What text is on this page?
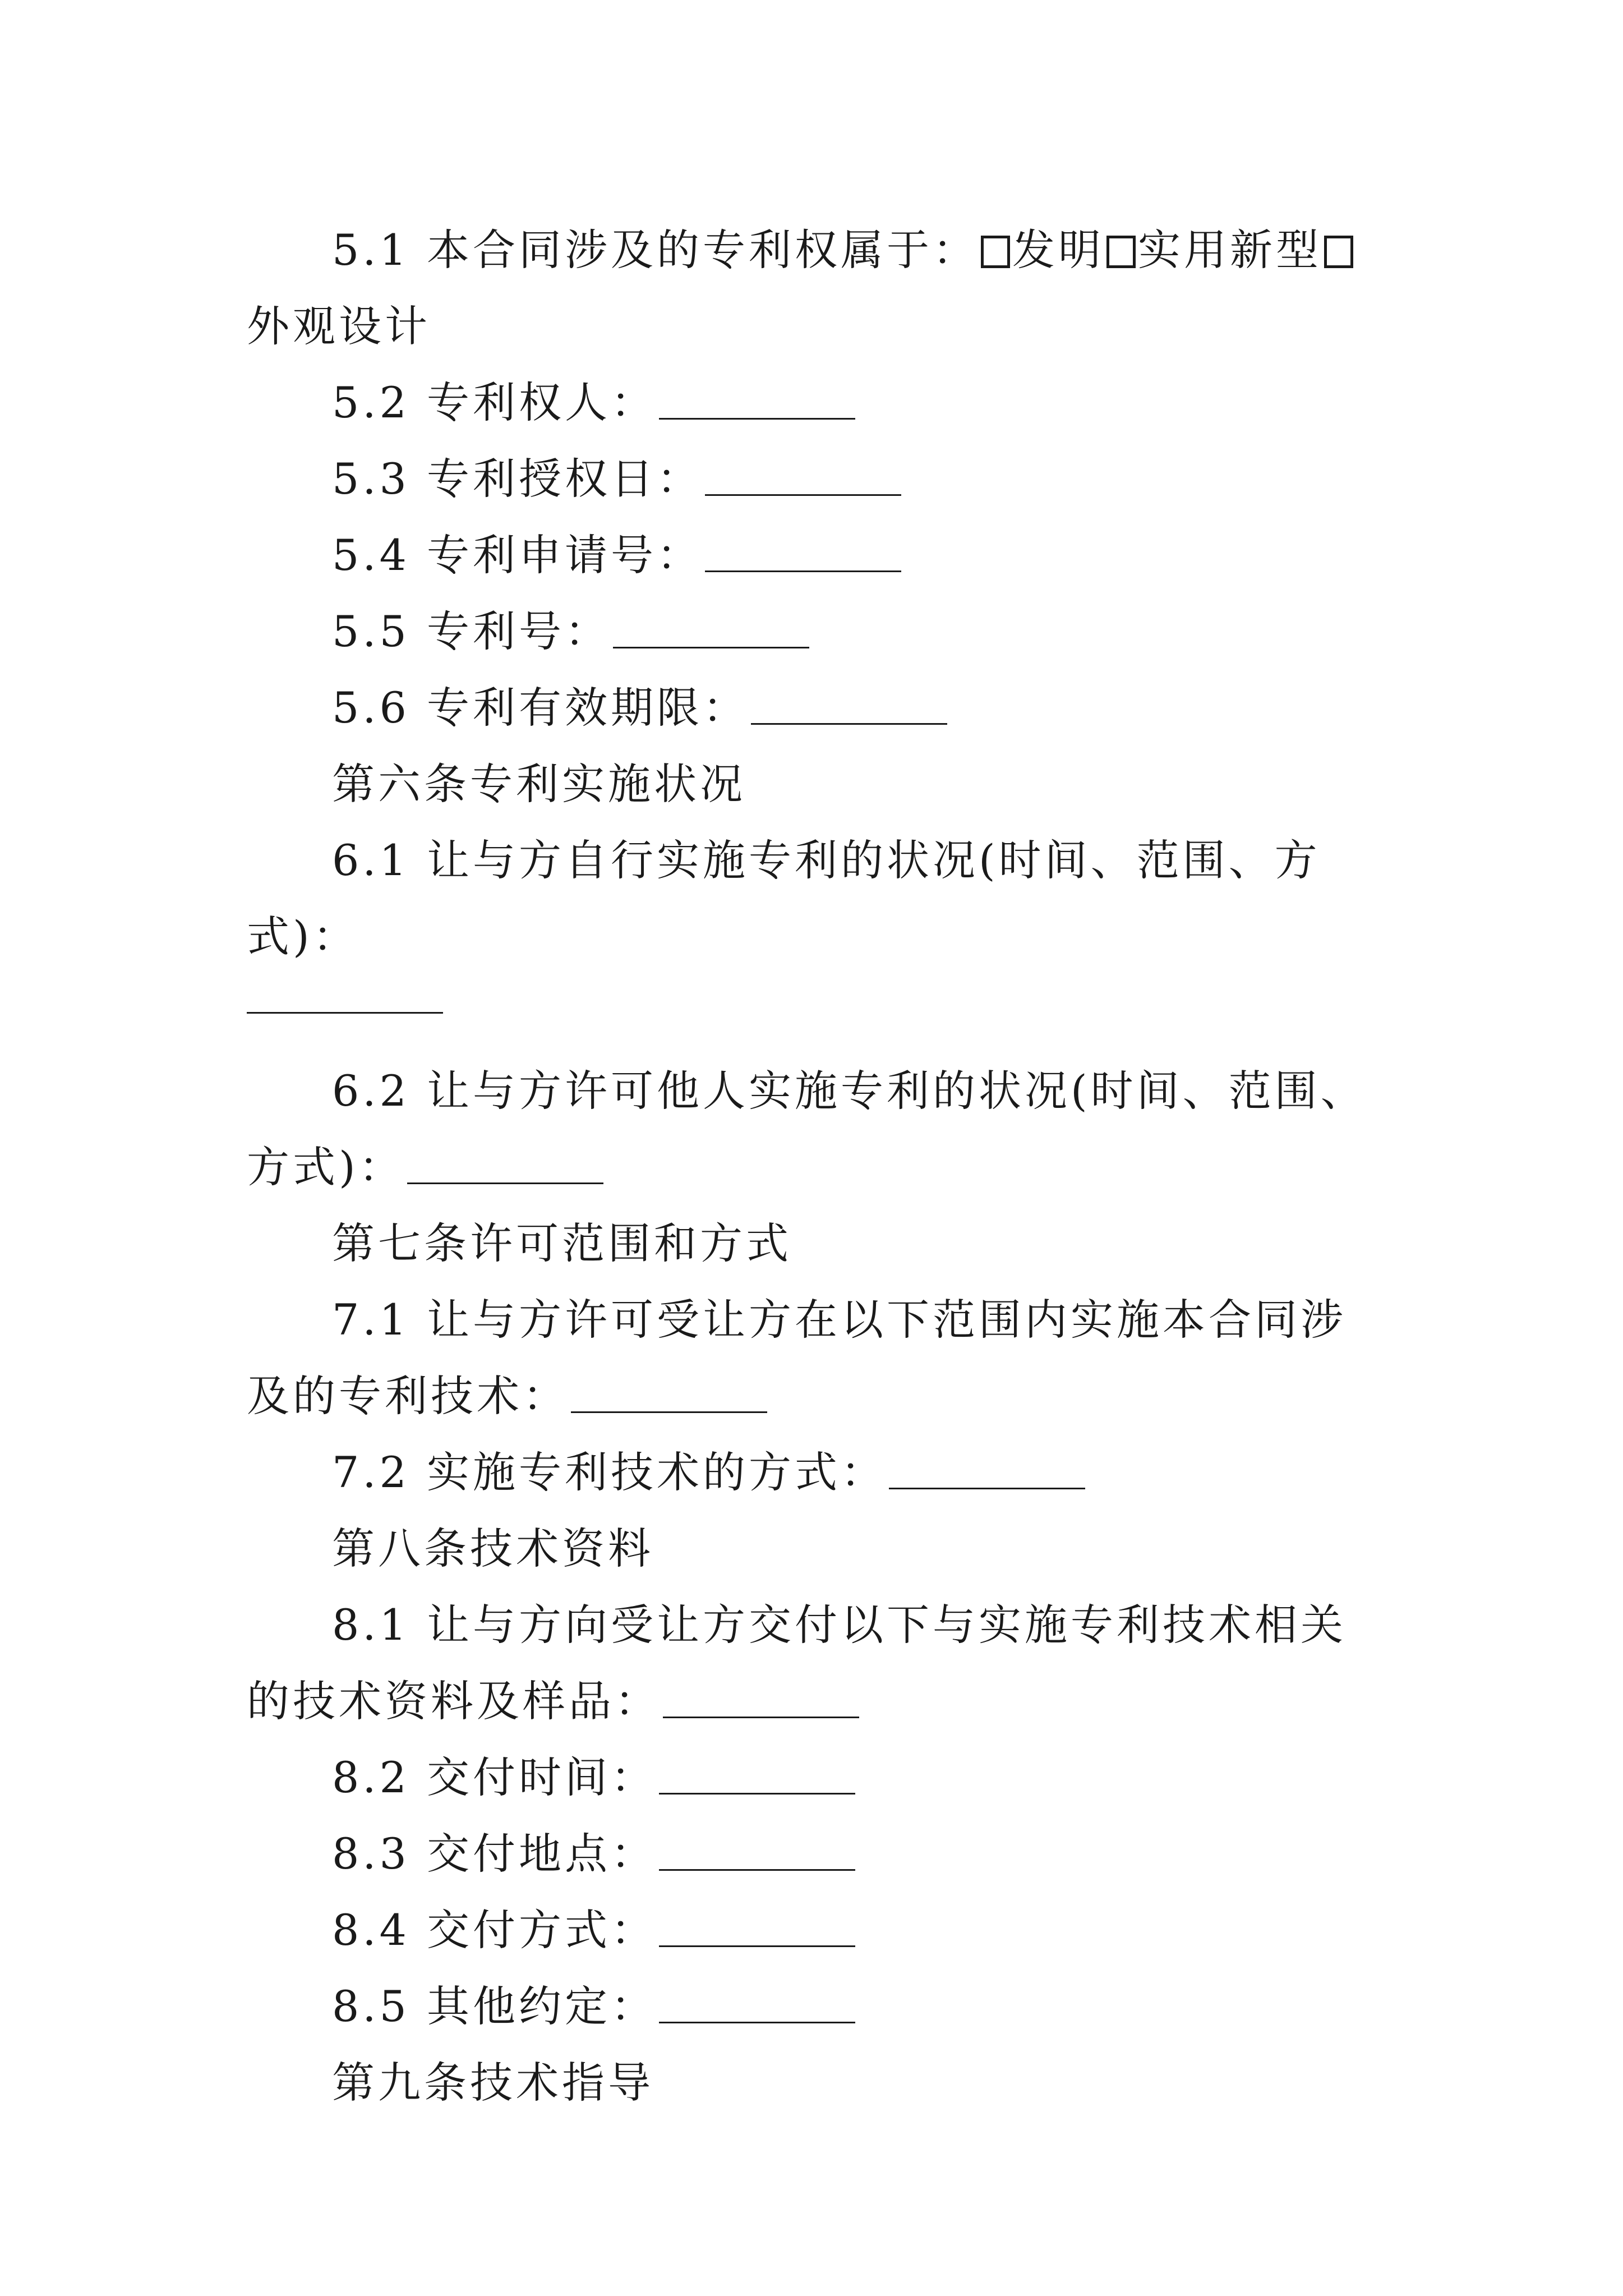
5.1 本合同涉及的专利权属于： 发明 实用新型外观设计

5.2 专利权人：

5.3 专利授权日：

5.4 专利申请号：

5.5 专利号：

5.6 专利有效期限：

第六条专利实施状况

6.1 让与方自行实施专利的状况(时间、范围、方式)：

6.2 让与方许可他人实施专利的状况(时间、范围、方式)：

第七条许可范围和方式

7.1 让与方许可受让方在以下范围内实施本合同涉及的专利技术：

7.2 实施专利技术的方式：

第八条技术资料

8.1 让与方向受让方交付以下与实施专利技术相关的技术资料及样品：

8.2 交付时间：

8.3 交付地点：

8.4 交付方式：

8.5 其他约定：

第九条技术指导
